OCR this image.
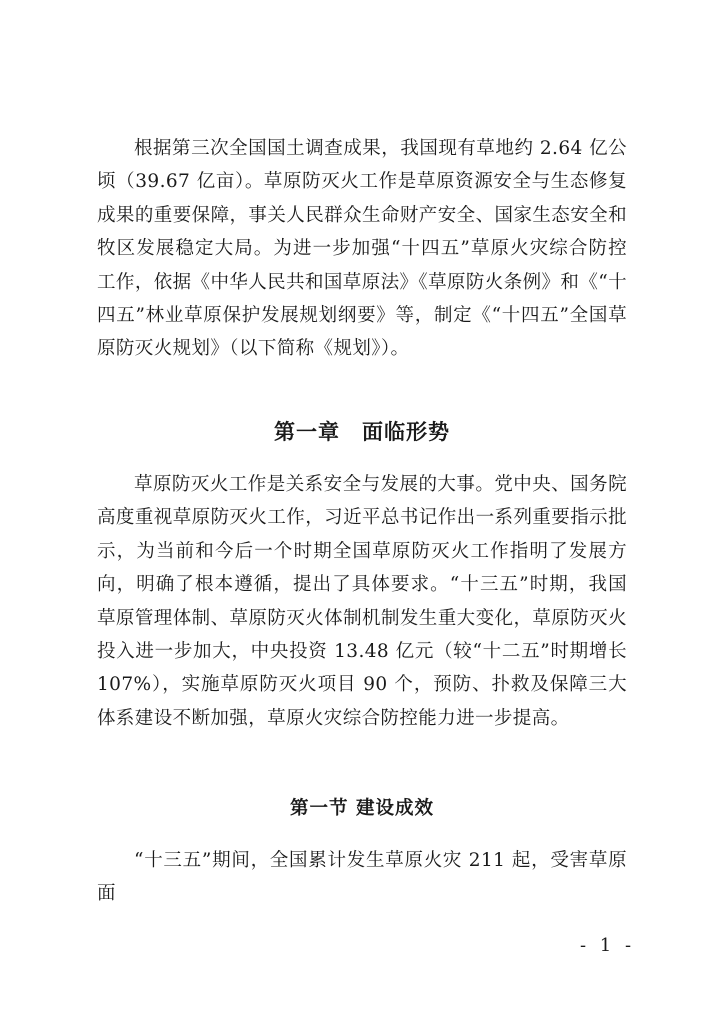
根据第三次全国国土调查成果，我国现有草地约 2.64 亿公顷（39.67 亿亩）。草原防灭火工作是草原资源安全与生态修复成果的重要保障，事关人民群众生命财产安全、国家生态安全和牧区发展稳定大局。为进一步加强“十四五”草原火灾综合防控工作，依据《中华人民共和国草原法》《草原防火条例》和《“十四五”林业草原保护发展规划纲要》等，制定《“十四五”全国草原防灭火规划》（以下简称《规划》）。

第一章　面临形势

草原防灭火工作是关系安全与发展的大事。党中央、国务院高度重视草原防灭火工作，习近平总书记作出一系列重要指示批示，为当前和今后一个时期全国草原防灭火工作指明了发展方向，明确了根本遵循，提出了具体要求。“十三五”时期，我国草原管理体制、草原防灭火体制机制发生重大变化，草原防灭火投入进一步加大，中央投资 13.48 亿元（较“十二五”时期增长 107%），实施草原防灭火项目 90 个，预防、扑救及保障三大体系建设不断加强，草原火灾综合防控能力进一步提高。

第一节 建设成效

“十三五”期间，全国累计发生草原火灾 211 起，受害草原面

- 1 -
